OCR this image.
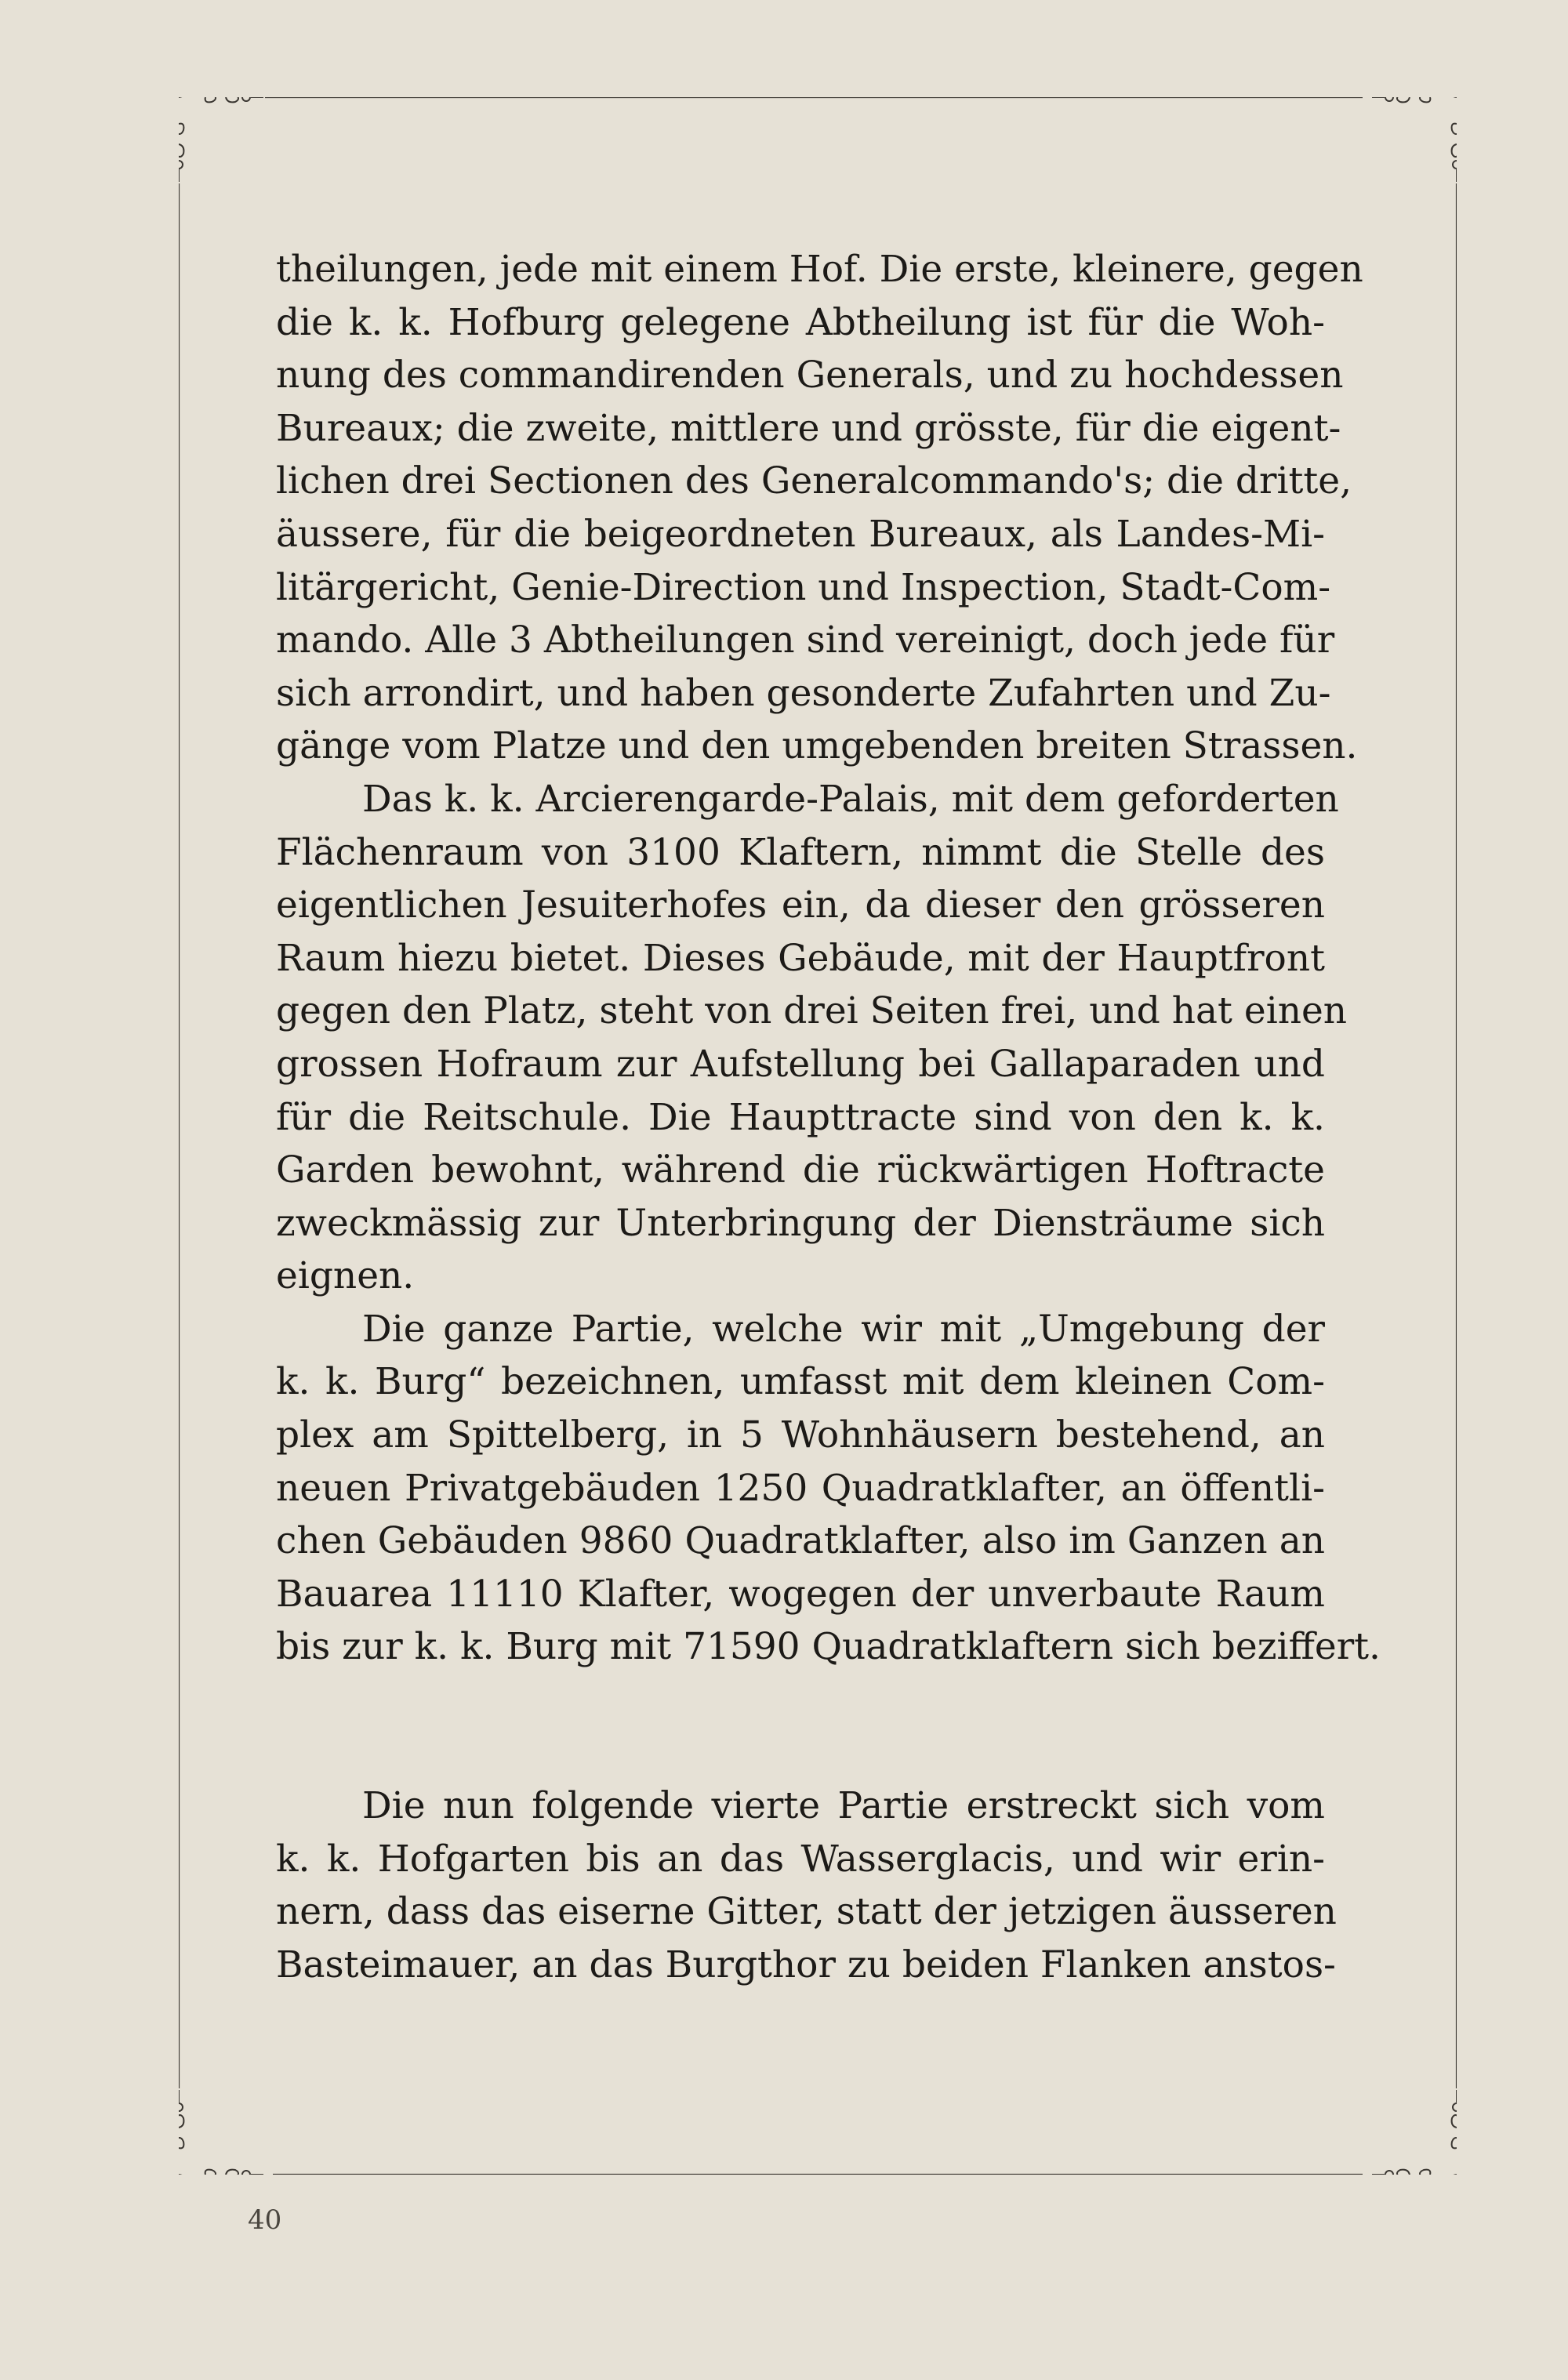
theilungen, jede mit einem Hof. Die erste, kleinere, gegen
die k. k. Hofburg gelegene Abtheilung ist für die Woh-
nung des commandirenden Generals, und zu hochdessen
Bureaux; die zweite, mittlere und grösste, für die eigent-
lichen drei Sectionen des Generalcommando's; die dritte,
äussere, für die beigeordneten Bureaux, als Landes-Mi-
litärgericht, Genie-Direction und Inspection, Stadt-Com-
mando. Alle 3 Abtheilungen sind vereinigt, doch jede für
sich arrondirt, und haben gesonderte Zufahrten und Zu-
gänge vom Platze und den umgebenden breiten Strassen.
Das k. k. Arcierengarde-Palais, mit dem geforderten
Flächenraum von 3100 Klaftern, nimmt die Stelle des
eigentlichen Jesuiterhofes ein, da dieser den grösseren
Raum hiezu bietet. Dieses Gebäude, mit der Hauptfront
gegen den Platz, steht von drei Seiten frei, und hat einen
grossen Hofraum zur Aufstellung bei Gallaparaden und
für die Reitschule. Die Haupttracte sind von den k. k.
Garden bewohnt, während die rückwärtigen Hoftracte
zweckmässig zur Unterbringung der Diensträume sich
eignen.
Die ganze Partie, welche wir mit „Umgebung der
k. k. Burg“ bezeichnen, umfasst mit dem kleinen Com-
plex am Spittelberg, in 5 Wohnhäusern bestehend, an
neuen Privatgebäuden 1250 Quadratklafter, an öffentli-
chen Gebäuden 9860 Quadratklafter, also im Ganzen an
Bauarea 11110 Klafter, wogegen der unverbaute Raum
bis zur k. k. Burg mit 71590 Quadratklaftern sich beziffert.
Die nun folgende vierte Partie erstreckt sich vom
k. k. Hofgarten bis an das Wasserglacis, und wir erin-
nern, dass das eiserne Gitter, statt der jetzigen äusseren
Basteimauer, an das Burgthor zu beiden Flanken anstos-
40
